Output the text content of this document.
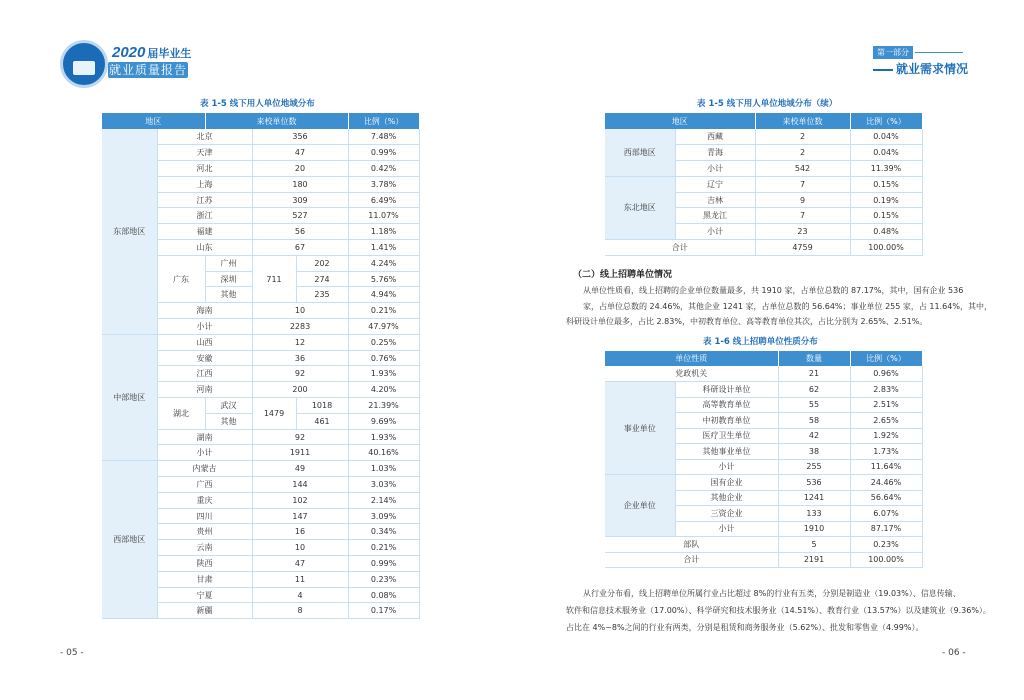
2020 届毕业生
就业质量报告
第一部分
就业需求情况
表 1-5 线下用人单位地域分布
地区		来校单位数			比例（%）
东部地区	北京		356		7.48%
	天津		47		0.99%
	河北		20		0.42%
	上海		180		3.78%
	江苏		309		6.49%
	浙江		527		11.07%
	福建		56		1.18%
	山东		67		1.41%
	广东	广州	711	202	4.24%
		深圳		274	5.76%
		其他		235	4.94%
	海南		10		0.21%
	小计		2283		47.97%
中部地区	山西		12		0.25%
	安徽		36		0.76%
	江西		92		1.93%
	河南		200		4.20%
	湖北	武汉	1479	1018	21.39%
		其他		461	9.69%
	湖南		92		1.93%
	小计		1911		40.16%
西部地区	内蒙古		49		1.03%
	广西		144		3.03%
	重庆		102		2.14%
	四川		147		3.09%
	贵州		16		0.34%
	云南		10		0.21%
	陕西		47		0.99%
	甘肃		11		0.23%
	宁夏		4		0.08%
	新疆		8		0.17%
表 1-5 线下用人单位地域分布（续）
地区		来校单位数	比例（%）
西部地区	西藏	2	0.04%
	青海	2	0.04%
	小计	542	11.39%
东北地区	辽宁	7	0.15%
	吉林	9	0.19%
	黑龙江	7	0.15%
	小计	23	0.48%
合计		4759	100.00%
（二）线上招聘单位情况
从单位性质看，线上招聘的企业单位数量最多，共 1910 家，占单位总数的 87.17%，其中，国有企业 536
家，占单位总数的 24.46%，其他企业 1241 家，占单位总数的 56.64%；事业单位 255 家，占 11.64%，其中，
科研设计单位最多，占比 2.83%，中初教育单位、高等教育单位其次，占比分别为 2.65%、2.51%。
表 1-6 线上招聘单位性质分布
单位性质		数量	比例（%）
党政机关		21	0.96%
事业单位	科研设计单位	62	2.83%
	高等教育单位	55	2.51%
	中初教育单位	58	2.65%
	医疗卫生单位	42	1.92%
	其他事业单位	38	1.73%
	小计	255	11.64%
企业单位	国有企业	536	24.46%
	其他企业	1241	56.64%
	三资企业	133	6.07%
	小计	1910	87.17%
部队		5	0.23%
合计		2191	100.00%
从行业分布看，线上招聘单位所属行业占比超过 8%的行业有五类，分别是制造业（19.03%）、信息传输、
软件和信息技术服务业（17.00%）、科学研究和技术服务业（14.51%）、教育行业（13.57%）以及建筑业（9.36%）。
占比在 4%~8%之间的行业有两类，分别是租赁和商务服务业（5.62%）、批发和零售业（4.99%）。
- 05 -	- 06 -
